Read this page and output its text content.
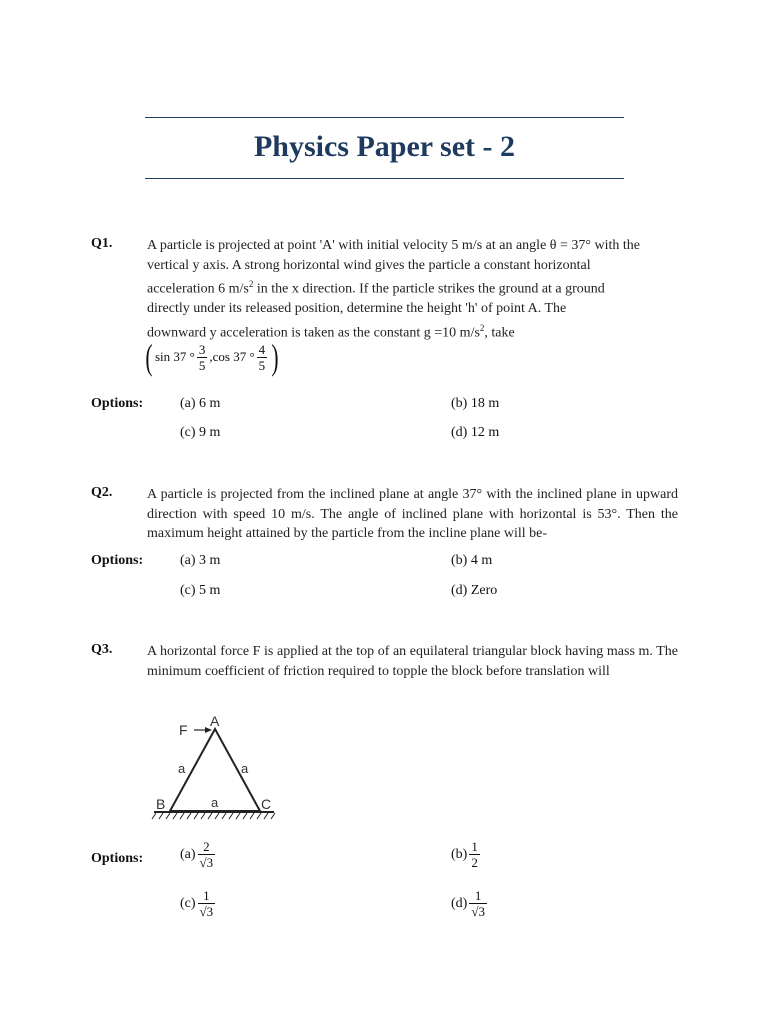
Physics Paper set - 2
Q1. A particle is projected at point 'A' with initial velocity 5 m/s at an angle θ = 37° with the
vertical y axis. A strong horizontal wind gives the particle a constant horizontal
acceleration 6 $m/s^2$ in the x direction. If the particle strikes the ground at a ground
directly under its released position, determine the height 'h' of point A. The
downward y acceleration is taken as the constant g =10 $m/s^2$, take
( sin 37 ° $\frac{3}{5}$ , cos 37 ° $\frac{4}{5}$ )
Options:	(a) 6 m	(b) 18 m
(c) 9 m	(d) 12 m
Q2. A particle is projected from the inclined plane at angle 37° with the inclined plane in upward direction with speed 10 m/s. The angle of inclined plane with horizontal is 53°. Then the maximum height attained by the particle from the incline plane will be-
Options:	(a) 3 m	(b) 4 m
(c) 5 m	(d) Zero
Q3. A horizontal force F is applied at the top of an equilateral triangular block having mass m. The minimum coefficient of friction required to topple the block before translation will
F
A
B	C
a	a
a
Options:	$(a) \frac{2}{√3}$	$(b) \frac{1}{2}$
$(c) \frac{1}{√3}$	$(d) \frac{1}{√3}$
